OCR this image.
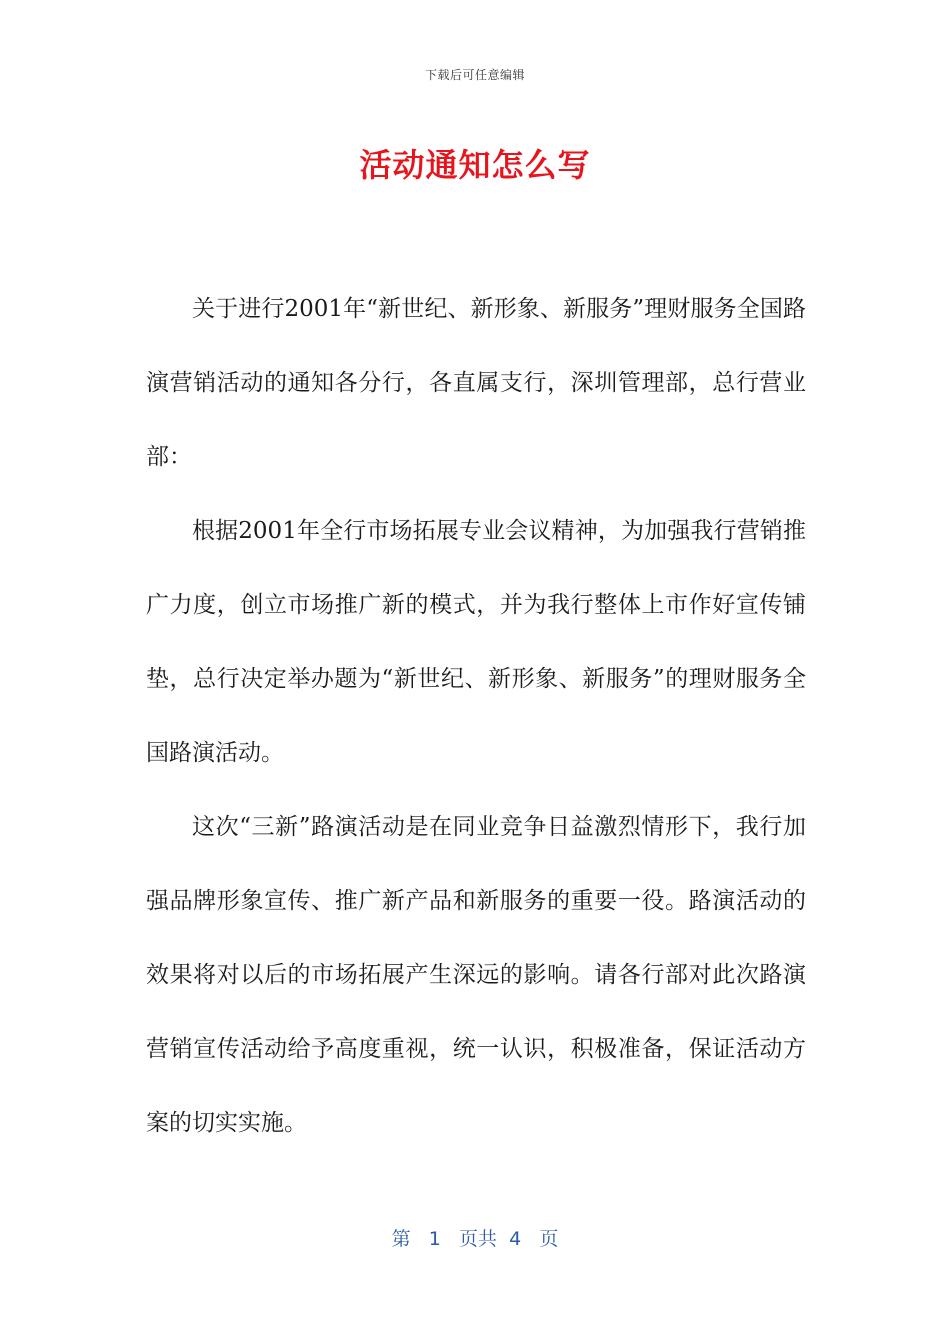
下载后可任意编辑
活动通知怎么写

关于进行2001年“新世纪、新形象、新服务”理财服务全国路演营销活动的通知各分行，各直属支行，深圳管理部，总行营业部：

根据2001年全行市场拓展专业会议精神，为加强我行营销推广力度，创立市场推广新的模式，并为我行整体上市作好宣传铺垫，总行决定举办题为“新世纪、新形象、新服务”的理财服务全国路演活动。

这次“三新”路演活动是在同业竞争日益激烈情形下，我行加强品牌形象宣传、推广新产品和新服务的重要一役。路演活动的效果将对以后的市场拓展产生深远的影响。请各行部对此次路演营销宣传活动给予高度重视，统一认识，积极准备，保证活动方案的切实实施。

第 1 页共 4 页
